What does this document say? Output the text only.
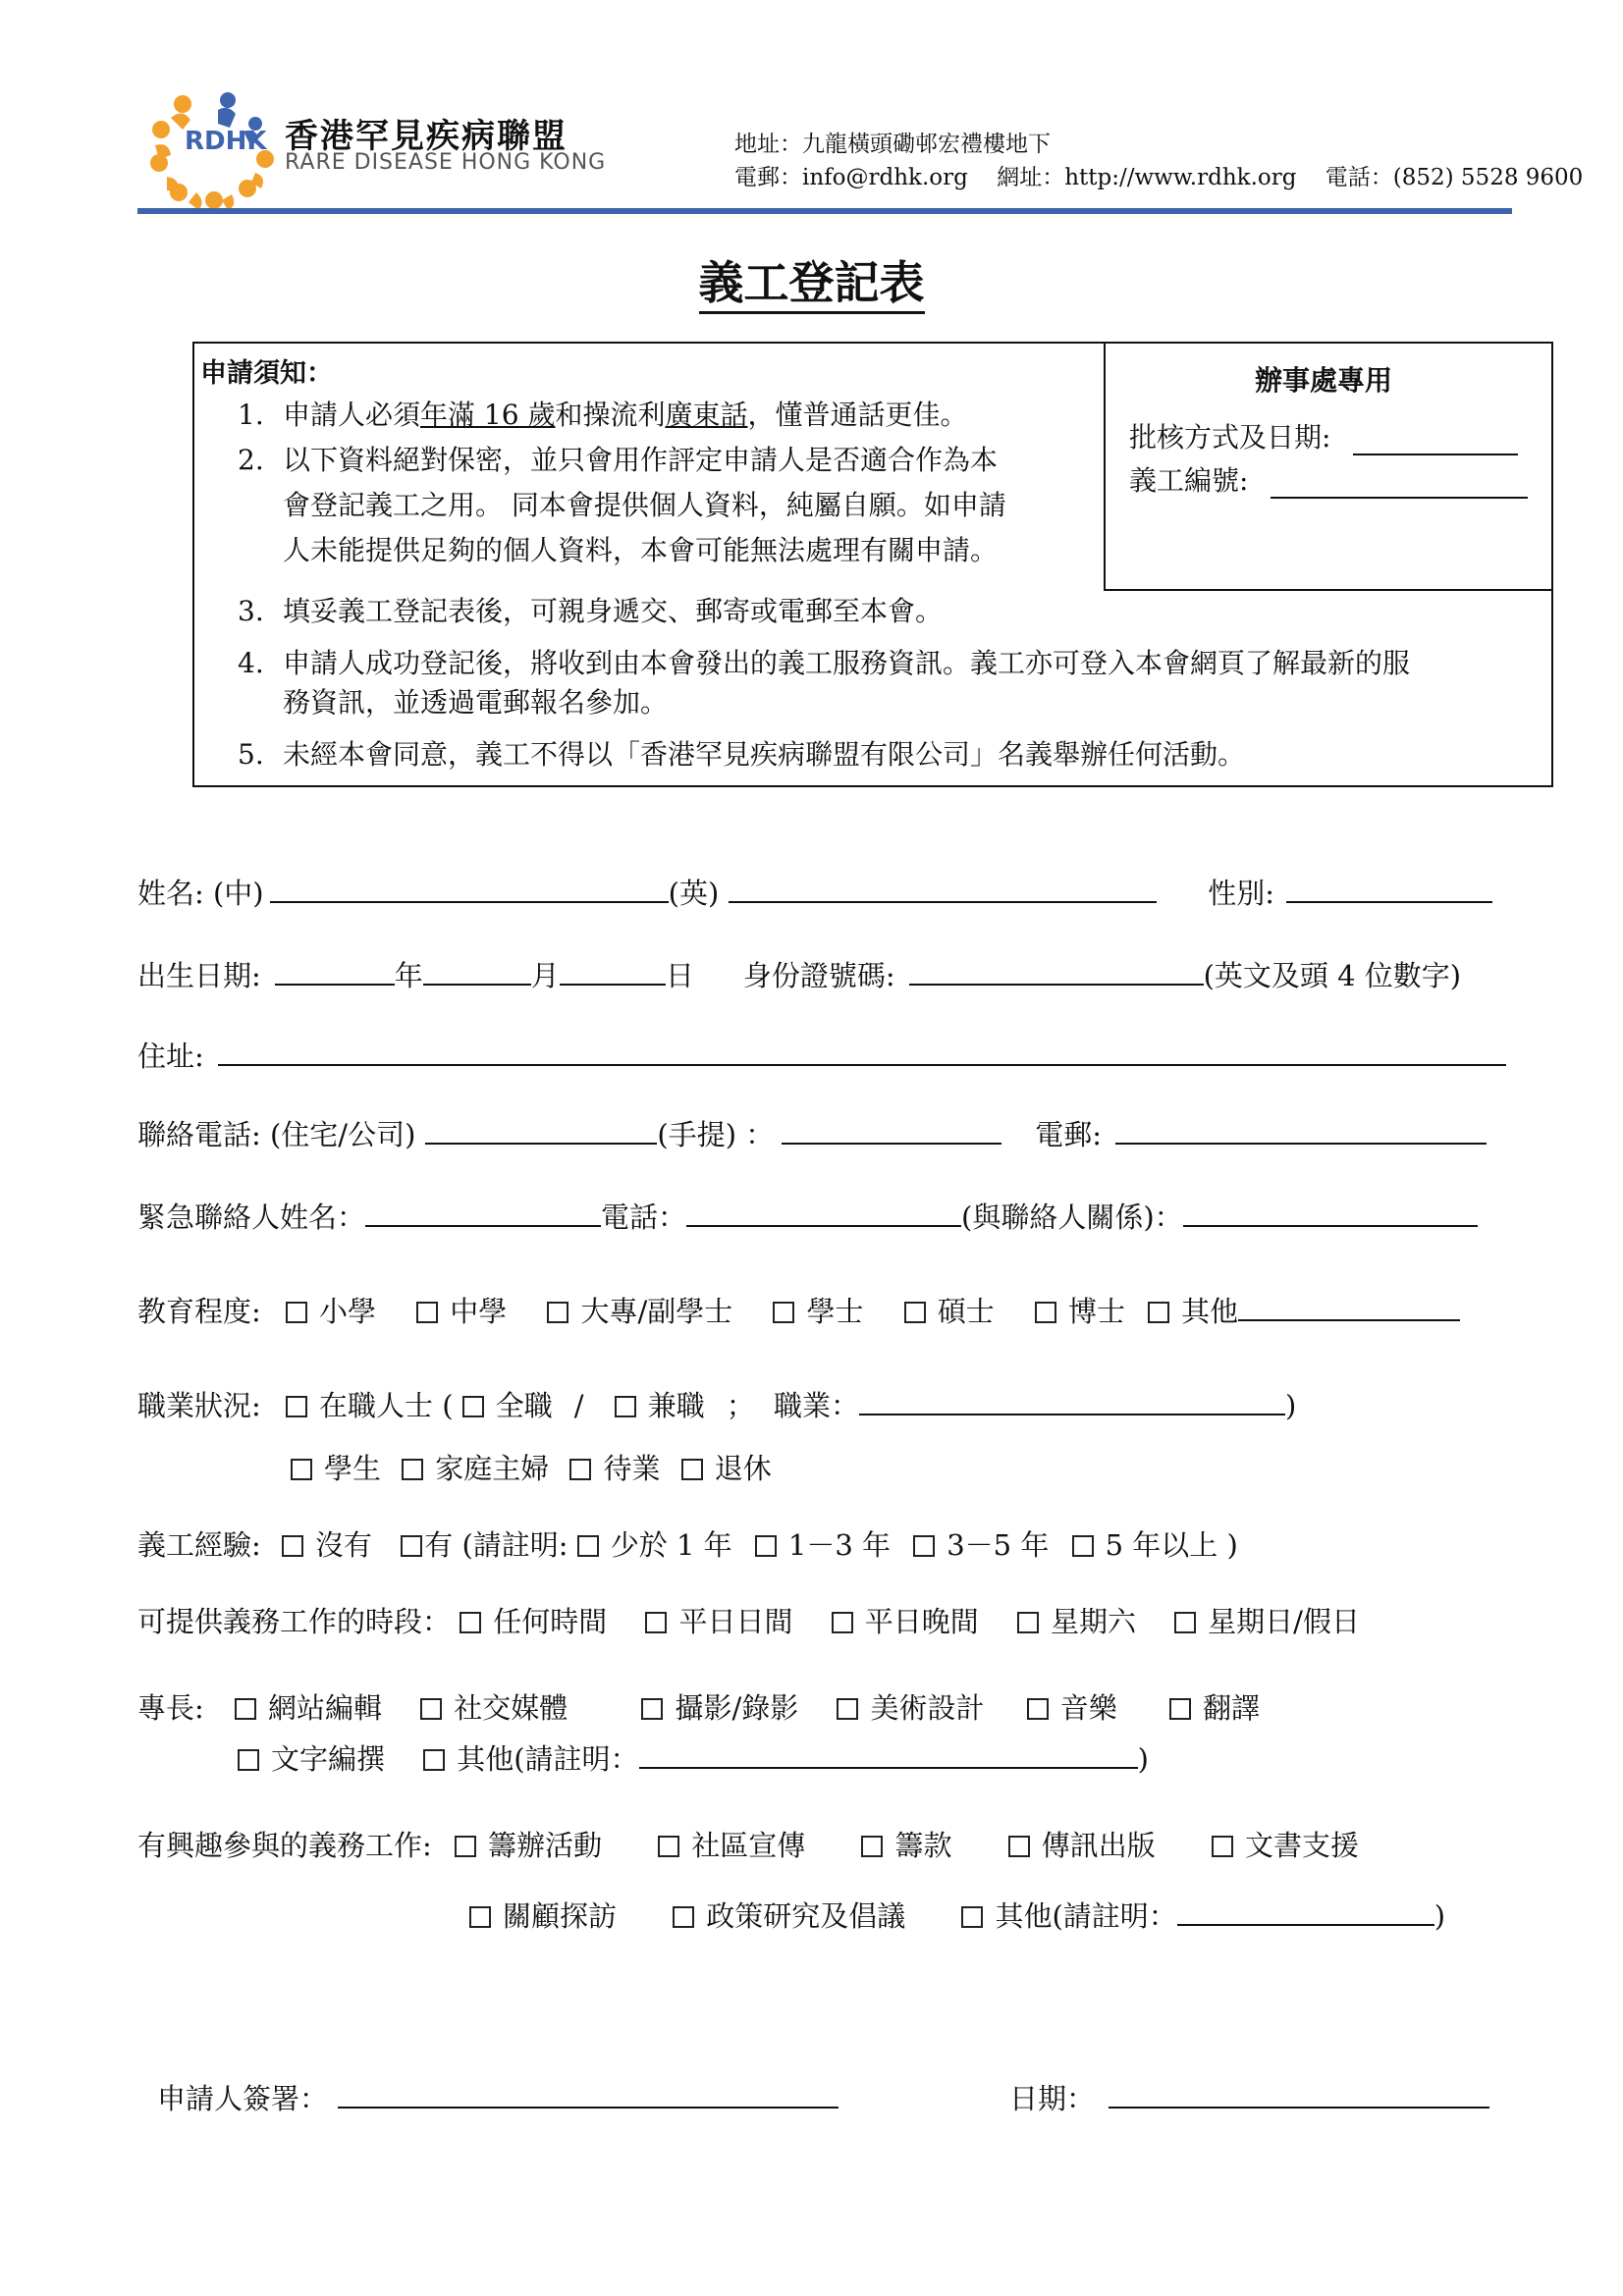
RDHK 香港罕見疾病聯盟
RARE DISEASE HONG KONG
地址：九龍橫頭磡邨宏禮樓地下
電郵：info@rdhk.org 網址：http://www.rdhk.org 電話：(852) 5528 9600
義工登記表
申請須知：
1. 申請人必須年滿 16 歲和操流利廣東話，懂普通話更佳。
2. 以下資料絕對保密，並只會用作評定申請人是否適合作為本
會登記義工之用。 同本會提供個人資料，純屬自願。如申請
人未能提供足夠的個人資料，本會可能無法處理有關申請。
3. 填妥義工登記表後，可親身遞交、郵寄或電郵至本會。
4. 申請人成功登記後，將收到由本會發出的義工服務資訊。義工亦可登入本會網頁了解最新的服
務資訊，並透過電郵報名參加。
5. 未經本會同意，義工不得以「香港罕見疾病聯盟有限公司」名義舉辦任何活動。
辦事處專用
批核方式及日期:
義工編號:
姓名: (中)	(英)	性別:
出生日期:	年	月	日 身份證號碼:	(英文及頭 4 位數字)
住址:
聯絡電話: (住宅/公司)	(手提) ：	電郵:
緊急聯絡人姓名：	電話：	(與聯絡人關係)：
教育程度: 小學	中學	大專/副學士	學士	碩士	博士 其他
職業狀況: 在職人士 ( 全職 / 兼職 ； 職業：	)
學生 家庭主婦 待業 退休
義工經驗: 沒有 有 (請註明: 少於 1 年 1－3 年 3－5 年 5 年以上 )
可提供義務工作的時段： 任何時間	平日日間	平日晚間	星期六	星期日/假日
專長: 網站編輯	社交媒體	攝影/錄影	美術設計	音樂	翻譯
文字編撰	其他(請註明：	)
有興趣參與的義務工作: 籌辦活動	社區宣傳	籌款	傳訊出版	文書支援
關顧探訪	政策研究及倡議	其他(請註明：	)
申請人簽署：	日期：
